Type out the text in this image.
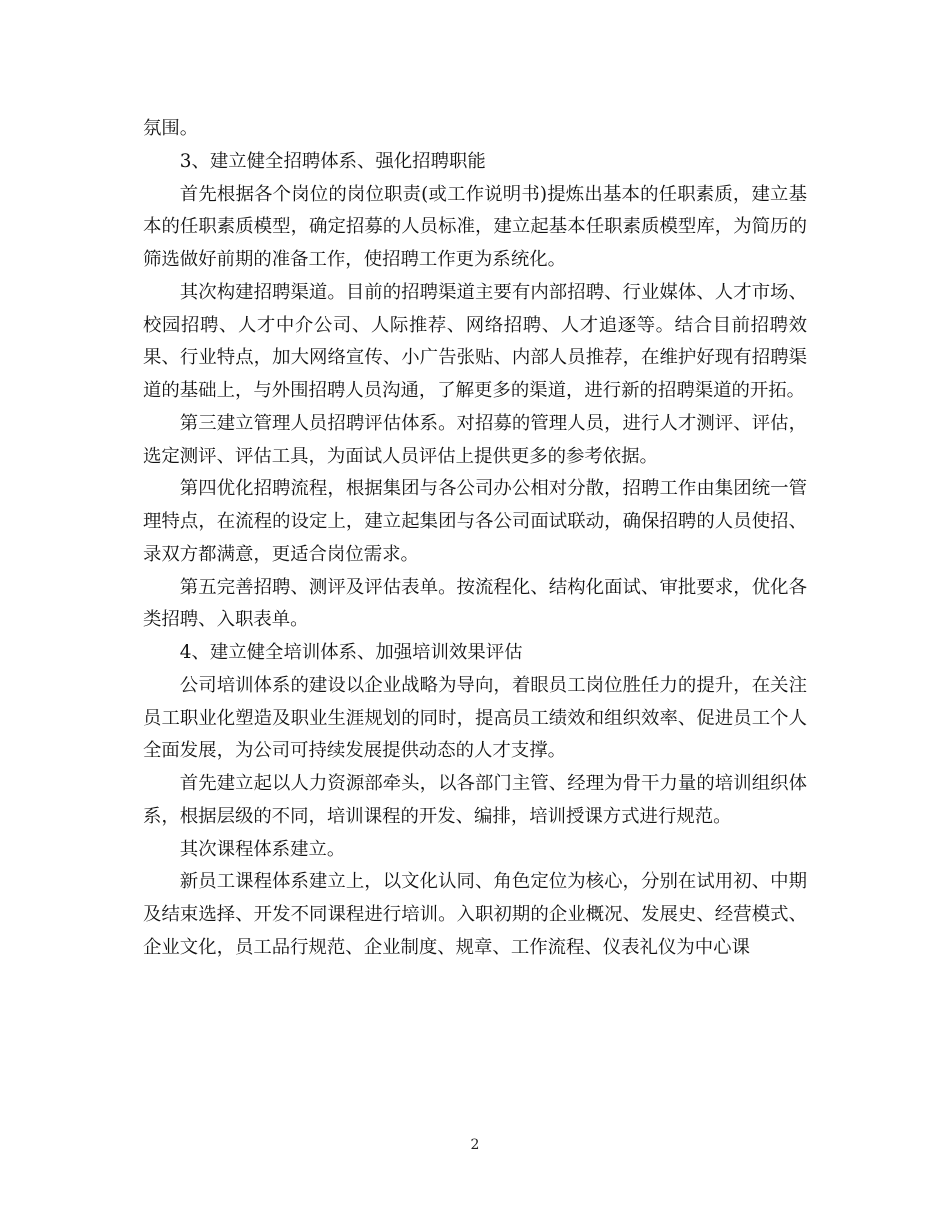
氛围。

3、建立健全招聘体系、强化招聘职能

首先根据各个岗位的岗位职责(或工作说明书)提炼出基本的任职素质，建立基本的任职素质模型，确定招募的人员标准，建立起基本任职素质模型库，为简历的筛选做好前期的准备工作，使招聘工作更为系统化。

其次构建招聘渠道。目前的招聘渠道主要有内部招聘、行业媒体、人才市场、校园招聘、人才中介公司、人际推荐、网络招聘、人才追逐等。结合目前招聘效果、行业特点，加大网络宣传、小广告张贴、内部人员推荐，在维护好现有招聘渠道的基础上，与外围招聘人员沟通，了解更多的渠道，进行新的招聘渠道的开拓。

第三建立管理人员招聘评估体系。对招募的管理人员，进行人才测评、评估，选定测评、评估工具，为面试人员评估上提供更多的参考依据。

第四优化招聘流程，根据集团与各公司办公相对分散，招聘工作由集团统一管理特点，在流程的设定上，建立起集团与各公司面试联动，确保招聘的人员使招、录双方都满意，更适合岗位需求。

第五完善招聘、测评及评估表单。按流程化、结构化面试、审批要求，优化各类招聘、入职表单。

4、建立健全培训体系、加强培训效果评估

公司培训体系的建设以企业战略为导向，着眼员工岗位胜任力的提升，在关注员工职业化塑造及职业生涯规划的同时，提高员工绩效和组织效率、促进员工个人全面发展，为公司可持续发展提供动态的人才支撑。

首先建立起以人力资源部牵头，以各部门主管、经理为骨干力量的培训组织体系，根据层级的不同，培训课程的开发、编排，培训授课方式进行规范。

其次课程体系建立。

新员工课程体系建立上，以文化认同、角色定位为核心，分别在试用初、中期及结束选择、开发不同课程进行培训。入职初期的企业概况、发展史、经营模式、企业文化，员工品行规范、企业制度、规章、工作流程、仪表礼仪为中心课

2
